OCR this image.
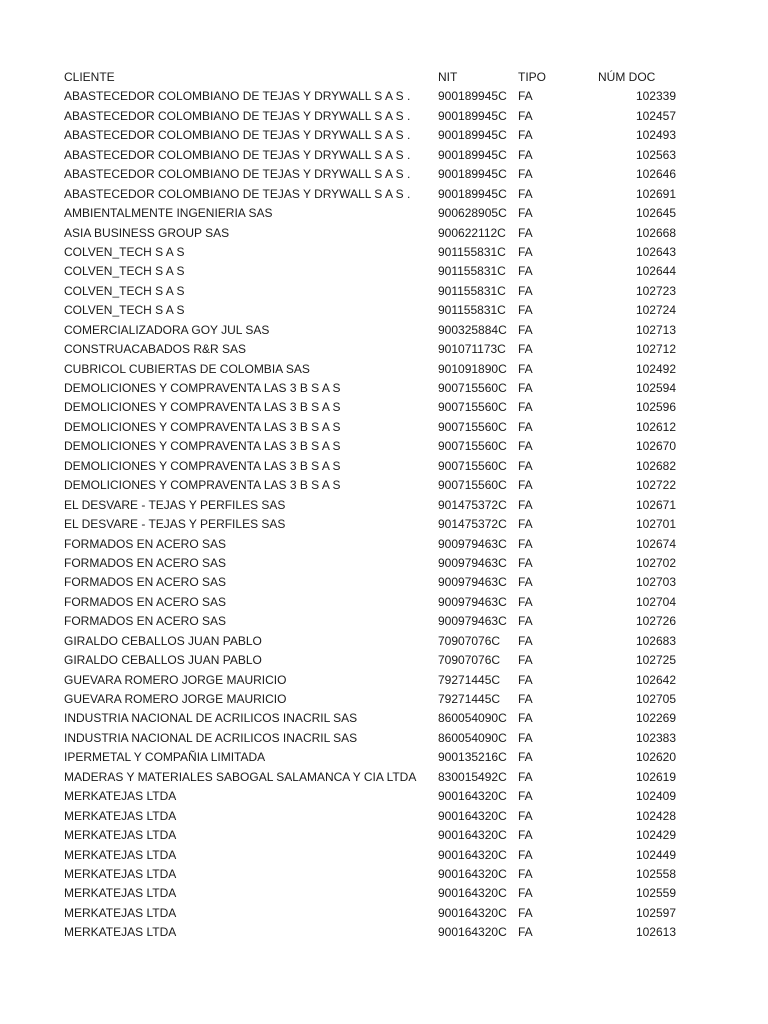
CLIENTE	NIT	TIPO	NÚM DOC
ABASTECEDOR COLOMBIANO DE TEJAS Y DRYWALL S A S .	900189945C FA	102339
ABASTECEDOR COLOMBIANO DE TEJAS Y DRYWALL S A S .	900189945C FA	102457
ABASTECEDOR COLOMBIANO DE TEJAS Y DRYWALL S A S .	900189945C FA	102493
ABASTECEDOR COLOMBIANO DE TEJAS Y DRYWALL S A S .	900189945C FA	102563
ABASTECEDOR COLOMBIANO DE TEJAS Y DRYWALL S A S .	900189945C FA	102646
ABASTECEDOR COLOMBIANO DE TEJAS Y DRYWALL S A S .	900189945C FA	102691
AMBIENTALMENTE INGENIERIA SAS	900628905C FA	102645
ASIA BUSINESS GROUP SAS	900622112C	FA	102668
COLVEN_TECH S A S	901155831C	FA	102643
COLVEN_TECH S A S	901155831C	FA	102644
COLVEN_TECH S A S	901155831C	FA	102723
COLVEN_TECH S A S	901155831C	FA	102724
COMERCIALIZADORA GOY JUL SAS	900325884C FA	102713
CONSTRUACABADOS R&R SAS	901071173C	FA	102712
CUBRICOL CUBIERTAS DE COLOMBIA SAS	901091890C FA	102492
DEMOLICIONES Y COMPRAVENTA LAS 3 B S A S	900715560C FA	102594
DEMOLICIONES Y COMPRAVENTA LAS 3 B S A S	900715560C FA	102596
DEMOLICIONES Y COMPRAVENTA LAS 3 B S A S	900715560C FA	102612
DEMOLICIONES Y COMPRAVENTA LAS 3 B S A S	900715560C FA	102670
DEMOLICIONES Y COMPRAVENTA LAS 3 B S A S	900715560C FA	102682
DEMOLICIONES Y COMPRAVENTA LAS 3 B S A S	900715560C FA	102722
EL DESVARE - TEJAS Y PERFILES SAS	901475372C FA	102671
EL DESVARE - TEJAS Y PERFILES SAS	901475372C FA	102701
FORMADOS EN ACERO SAS	900979463C FA	102674
FORMADOS EN ACERO SAS	900979463C FA	102702
FORMADOS EN ACERO SAS	900979463C FA	102703
FORMADOS EN ACERO SAS	900979463C FA	102704
FORMADOS EN ACERO SAS	900979463C FA	102726
GIRALDO CEBALLOS JUAN PABLO	70907076C	FA	102683
GIRALDO CEBALLOS JUAN PABLO	70907076C	FA	102725
GUEVARA ROMERO JORGE MAURICIO	79271445C	FA	102642
GUEVARA ROMERO JORGE MAURICIO	79271445C	FA	102705
INDUSTRIA NACIONAL DE ACRILICOS INACRIL SAS	860054090C FA	102269
INDUSTRIA NACIONAL DE ACRILICOS INACRIL SAS	860054090C FA	102383
IPERMETAL Y COMPAÑIA LIMITADA	900135216C FA	102620
MADERAS Y MATERIALES SABOGAL SALAMANCA Y CIA LTDA	830015492C FA	102619
MERKATEJAS LTDA	900164320C FA	102409
MERKATEJAS LTDA	900164320C FA	102428
MERKATEJAS LTDA	900164320C FA	102429
MERKATEJAS LTDA	900164320C FA	102449
MERKATEJAS LTDA	900164320C FA	102558
MERKATEJAS LTDA	900164320C FA	102559
MERKATEJAS LTDA	900164320C FA	102597
MERKATEJAS LTDA	900164320C FA	102613
